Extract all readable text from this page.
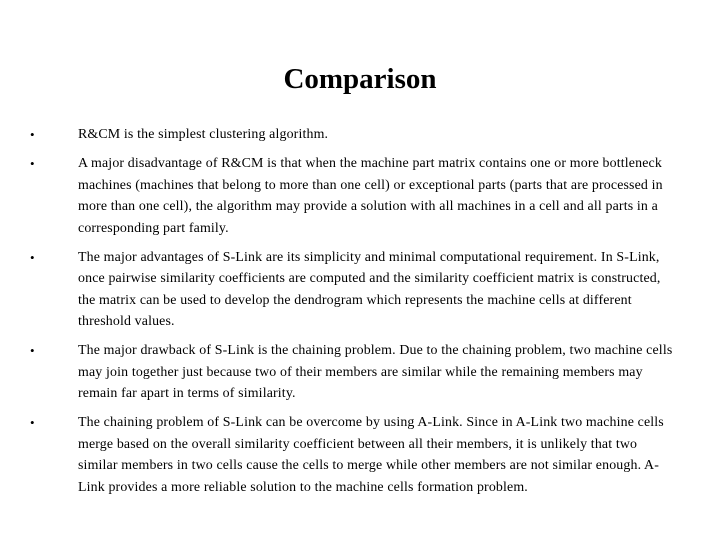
Comparison
•	R&CM is the simplest clustering algorithm.
•	A major disadvantage of R&CM is that when the machine part matrix contains one or more bottleneck machines (machines that belong to more than one cell) or exceptional parts (parts that are processed in more than one cell), the algorithm may provide a solution with all machines in a cell and all parts in a corresponding part family.
•	The major advantages of S-Link are its simplicity and minimal computational requirement. In S-Link, once pairwise similarity coefficients are computed and the similarity coefficient matrix is constructed, the matrix can be used to develop the dendrogram which represents the machine cells at different threshold values.
•	The major drawback of S-Link is the chaining problem. Due to the chaining problem, two machine cells may join together just because two of their members are similar while the remaining members may remain far apart in terms of similarity.
•	The chaining problem of S-Link can be overcome by using A-Link. Since in A-Link two machine cells merge based on the overall similarity coefficient between all their members, it is unlikely that two similar members in two cells cause the cells to merge while other members are not similar enough. A-Link provides a more reliable solution to the machine cells formation problem.
